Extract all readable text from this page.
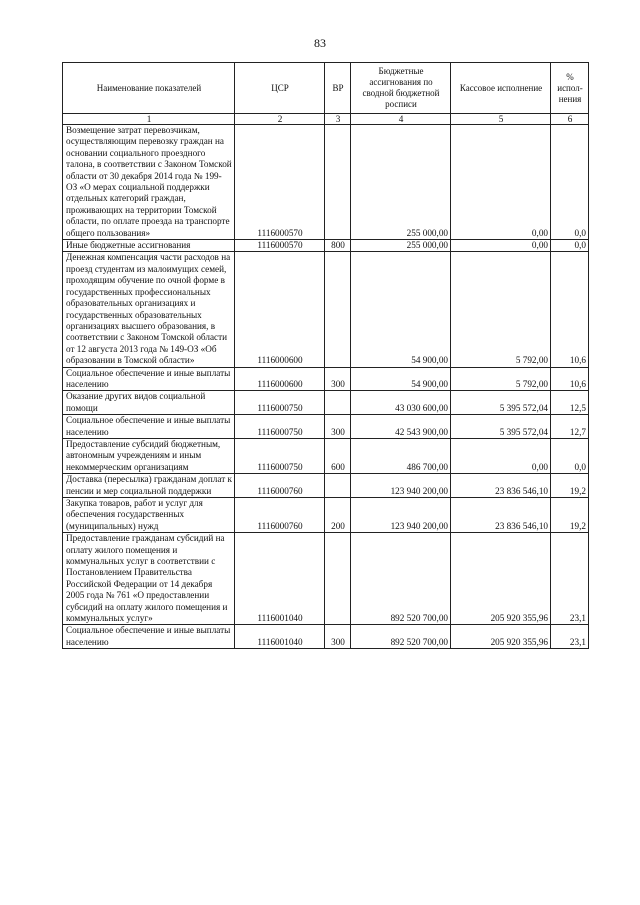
83
Наименование показателей	ЦСР	ВР	Бюджетные ассигнования по сводной бюджетной росписи	Кассовое исполнение	% испол-нения
1	2	3	4	5	6
Возмещение затрат перевозчикам, осуществляющим перевозку граждан на основании социального проездного талона, в соответствии с Законом Томской области от 30 декабря 2014 года № 199-ОЗ «О мерах социальной поддержки отдельных категорий граждан, проживающих на территории Томской области, по оплате проезда на транспорте общего пользования»	1116000570		255 000,00	0,00	0,0
Иные бюджетные ассигнования	1116000570	800	255 000,00	0,00	0,0
Денежная компенсация части расходов на проезд студентам из малоимущих семей, проходящим обучение по очной форме в государственных профессиональных образовательных организациях и государственных образовательных организациях высшего образования, в соответствии с Законом Томской области от 12 августа 2013 года № 149-ОЗ «Об образовании в Томской области»	1116000600		54 900,00	5 792,00	10,6
Социальное обеспечение и иные выплаты населению	1116000600	300	54 900,00	5 792,00	10,6
Оказание других видов социальной помощи	1116000750		43 030 600,00	5 395 572,04	12,5
Социальное обеспечение и иные выплаты населению	1116000750	300	42 543 900,00	5 395 572,04	12,7
Предоставление субсидий бюджетным, автономным учреждениям и иным некоммерческим организациям	1116000750	600	486 700,00	0,00	0,0
Доставка (пересылка) гражданам доплат к пенсии и мер социальной поддержки	1116000760		123 940 200,00	23 836 546,10	19,2
Закупка товаров, работ и услуг для обеспечения государственных (муниципальных) нужд	1116000760	200	123 940 200,00	23 836 546,10	19,2
Предоставление гражданам субсидий на оплату жилого помещения и коммунальных услуг в соответствии с Постановлением Правительства Российской Федерации от 14 декабря 2005 года № 761 «О предоставлении субсидий на оплату жилого помещения и коммунальных услуг»	1116001040		892 520 700,00	205 920 355,96	23,1
Социальное обеспечение и иные выплаты населению	1116001040	300	892 520 700,00	205 920 355,96	23,1
